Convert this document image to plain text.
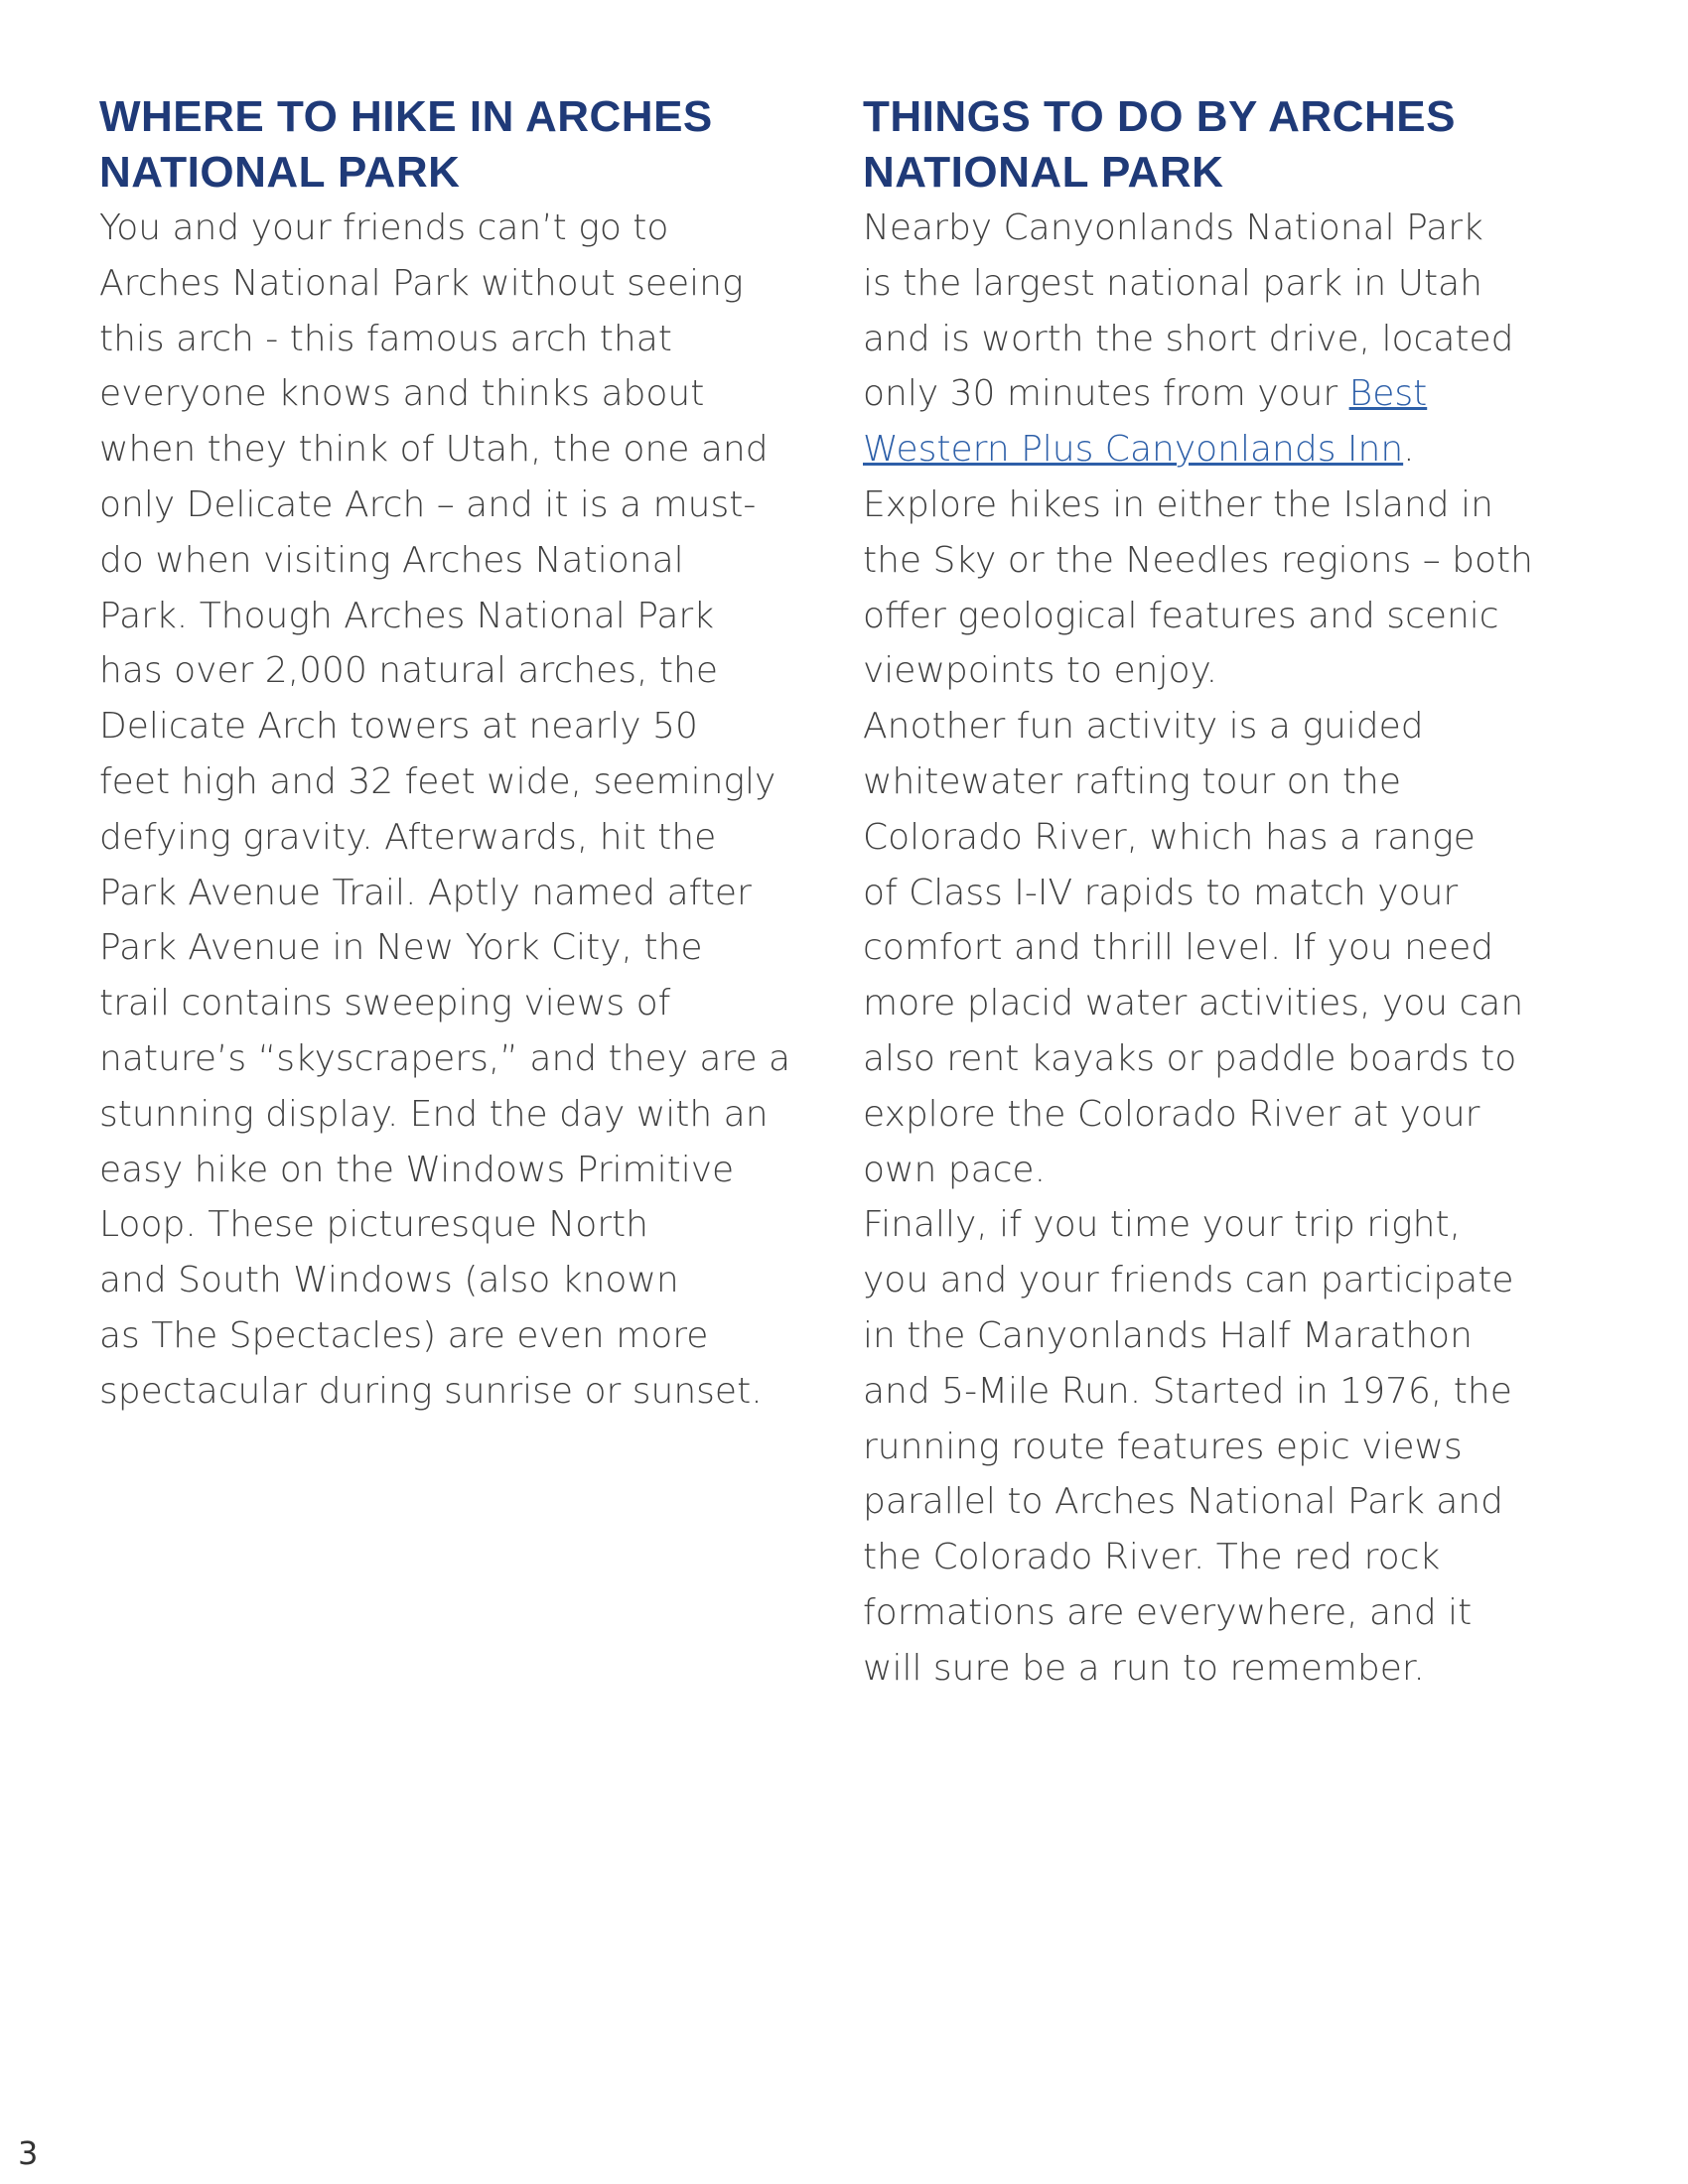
WHERE TO HIKE IN ARCHES
NATIONAL PARK

You and your friends can’t go to
Arches National Park without seeing
this arch - this famous arch that
everyone knows and thinks about
when they think of Utah, the one and
only Delicate Arch – and it is a must-
do when visiting Arches National
Park. Though Arches National Park
has over 2,000 natural arches, the
Delicate Arch towers at nearly 50
feet high and 32 feet wide, seemingly
defying gravity. Afterwards, hit the
Park Avenue Trail. Aptly named after
Park Avenue in New York City, the
trail contains sweeping views of
nature’s “skyscrapers,” and they are a
stunning display. End the day with an
easy hike on the Windows Primitive
Loop. These picturesque North
and South Windows (also known
as The Spectacles) are even more
spectacular during sunrise or sunset.

THINGS TO DO BY ARCHES
NATIONAL PARK

Nearby Canyonlands National Park
is the largest national park in Utah
and is worth the short drive, located
only 30 minutes from your Best
Western Plus Canyonlands Inn.
Explore hikes in either the Island in
the Sky or the Needles regions – both
offer geological features and scenic
viewpoints to enjoy.

Another fun activity is a guided
whitewater rafting tour on the
Colorado River, which has a range
of Class I-IV rapids to match your
comfort and thrill level. If you need
more placid water activities, you can
also rent kayaks or paddle boards to
explore the Colorado River at your
own pace.

Finally, if you time your trip right,
you and your friends can participate
in the Canyonlands Half Marathon
and 5-Mile Run. Started in 1976, the
running route features epic views
parallel to Arches National Park and
the Colorado River. The red rock
formations are everywhere, and it
will sure be a run to remember.

3
